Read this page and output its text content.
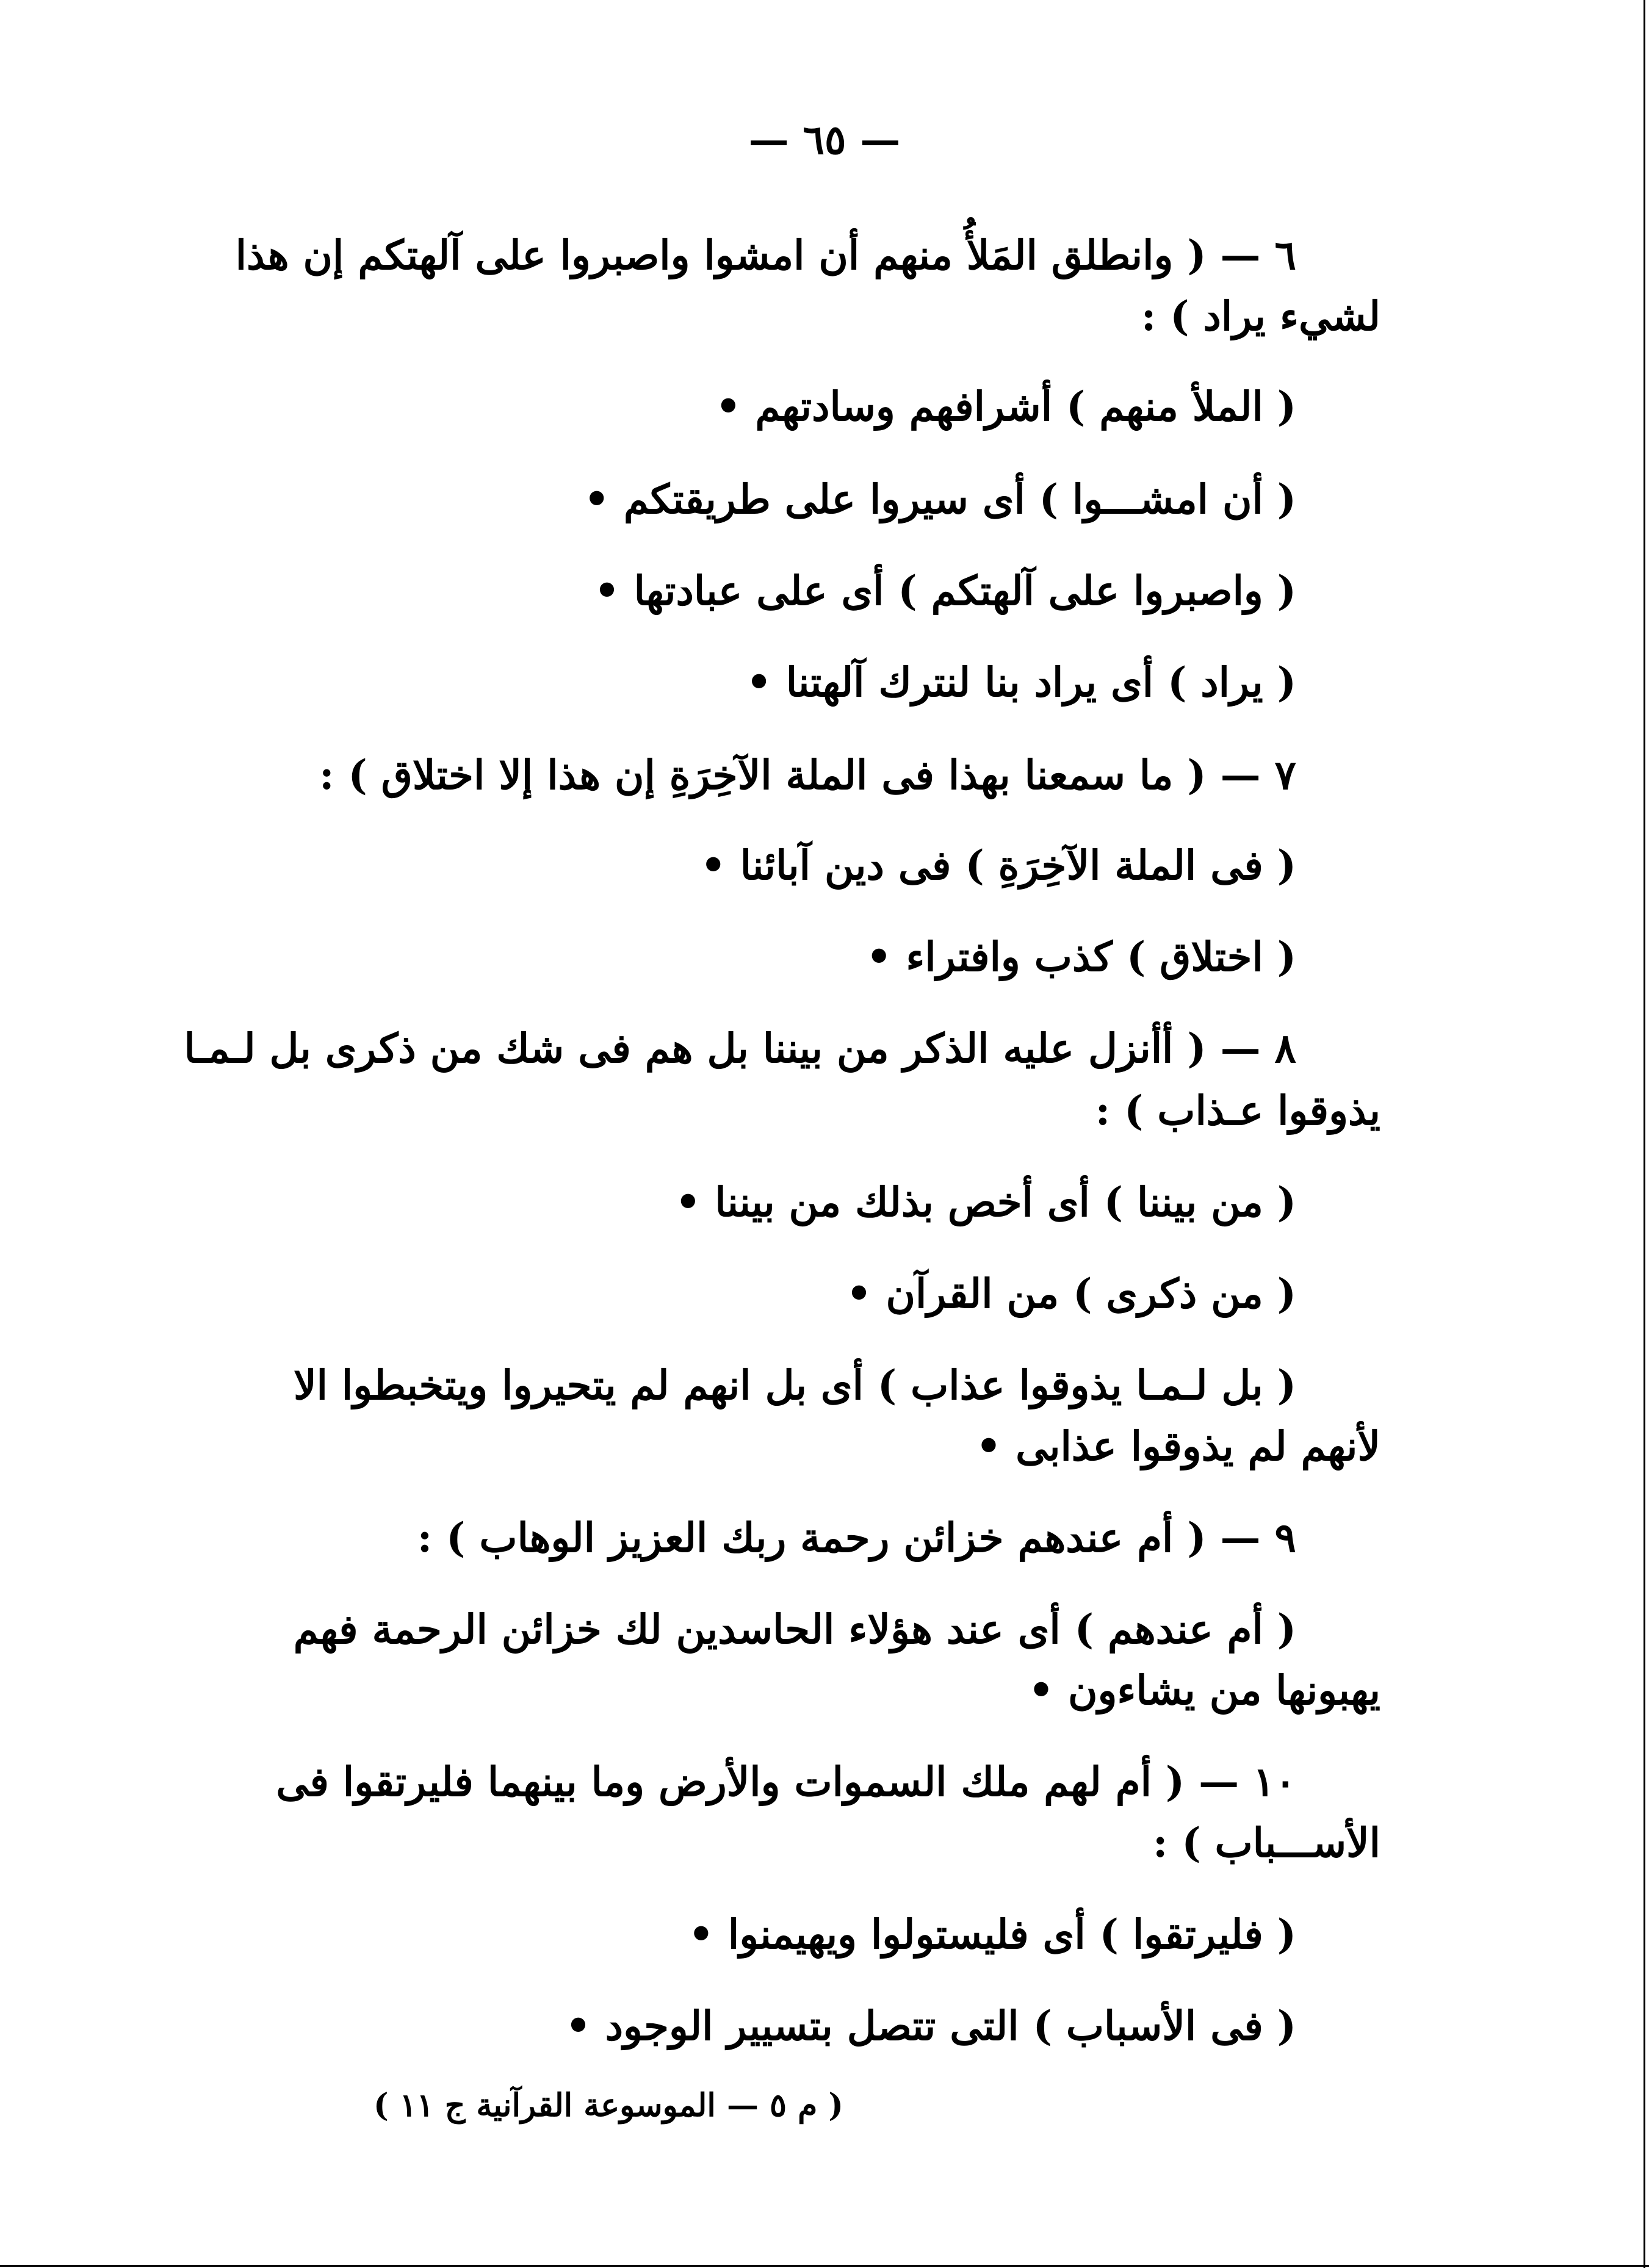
— ٦٥ —
٦ — ( وانطلق المَلأُ منهم أن امشوا واصبروا على آلهتكم إن هذا
لشيء يراد ) :
( الملأ منهم ) أشرافهم وسادتهم •
( أن امشـــوا ) أى سيروا على طريقتكم •
( واصبروا على آلهتكم ) أى على عبادتها •
( يراد ) أى يراد بنا لنترك آلهتنا •
٧ — ( ما سمعنا بهذا فى الملة الآخِرَةِ إن هذا إلا اختلاق ) :
( فى الملة الآخِرَةِ ) فى دين آبائنا •
( اختلاق ) كذب وافتراء •
٨ — ( أأنزل عليه الذكر من بيننا بل هم فى شك من ذكرى بل لـمـا
يذوقوا عـذاب ) :
( من بيننا ) أى أخص بذلك من بيننا •
( من ذكرى ) من القرآن •
( بل لـمـا يذوقوا عذاب ) أى بل انهم لم يتحيروا ويتخبطوا الا
لأنهم لم يذوقوا عذابى •
٩ — ( أم عندهم خزائن رحمة ربك العزيز الوهاب ) :
( أم عندهم ) أى عند هؤلاء الحاسدين لك خزائن الرحمة فهم
يهبونها من يشاءون •
١٠ — ( أم لهم ملك السموات والأرض وما بينهما فليرتقوا فى
الأســـباب ) :
( فليرتقوا ) أى فليستولوا ويهيمنوا •
( فى الأسباب ) التى تتصل بتسيير الوجود •
( م ٥ — الموسوعة القرآنية ج ١١ )
